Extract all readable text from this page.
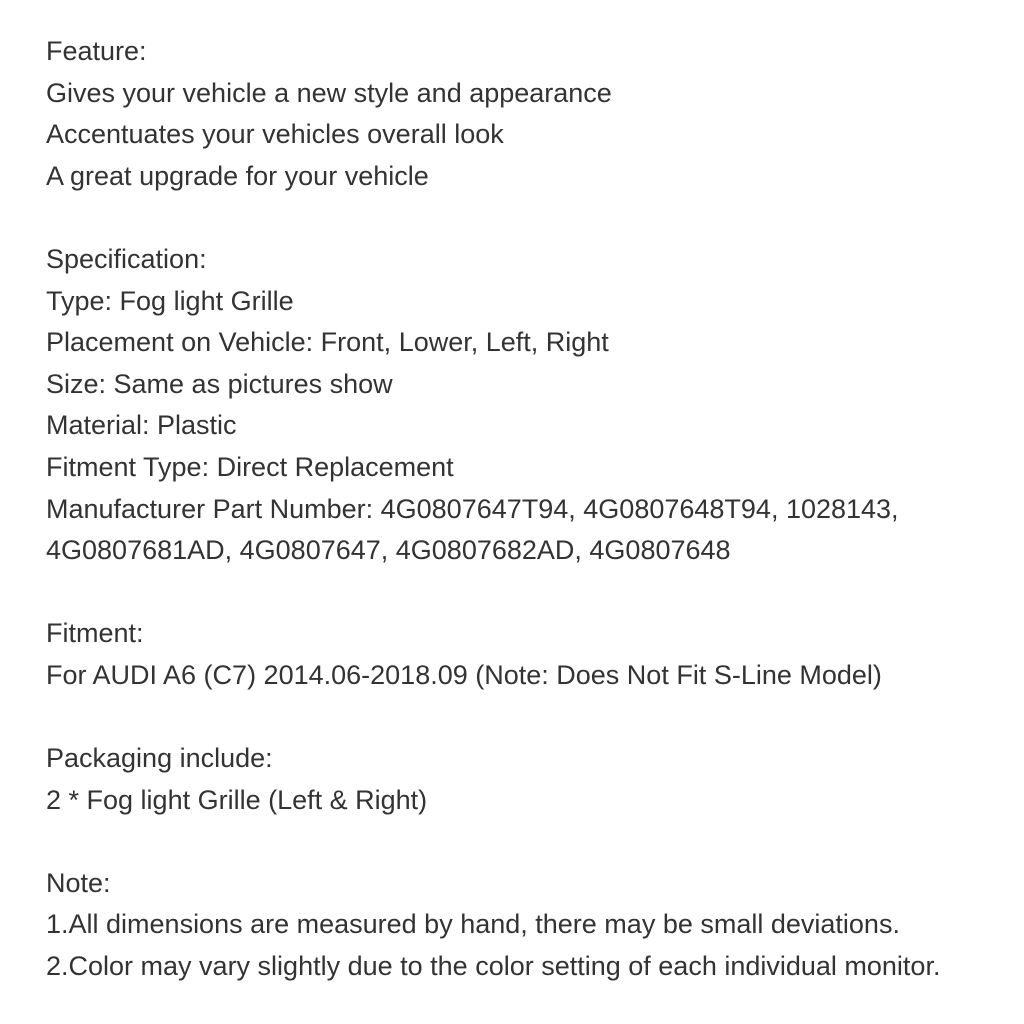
Feature:
Gives your vehicle a new style and appearance
Accentuates your vehicles overall look
A great upgrade for your vehicle
Specification:
Type: Fog light Grille
Placement on Vehicle: Front, Lower, Left, Right
Size: Same as pictures show
Material: Plastic
Fitment Type: Direct Replacement
Manufacturer Part Number: 4G0807647T94, 4G0807648T94, 1028143,
4G0807681AD, 4G0807647, 4G0807682AD, 4G0807648
Fitment:
For AUDI A6 (C7) 2014.06-2018.09 (Note: Does Not Fit S-Line Model)
Packaging include:
2 * Fog light Grille (Left & Right)
Note:
1.All dimensions are measured by hand, there may be small deviations.
2.Color may vary slightly due to the color setting of each individual monitor.
